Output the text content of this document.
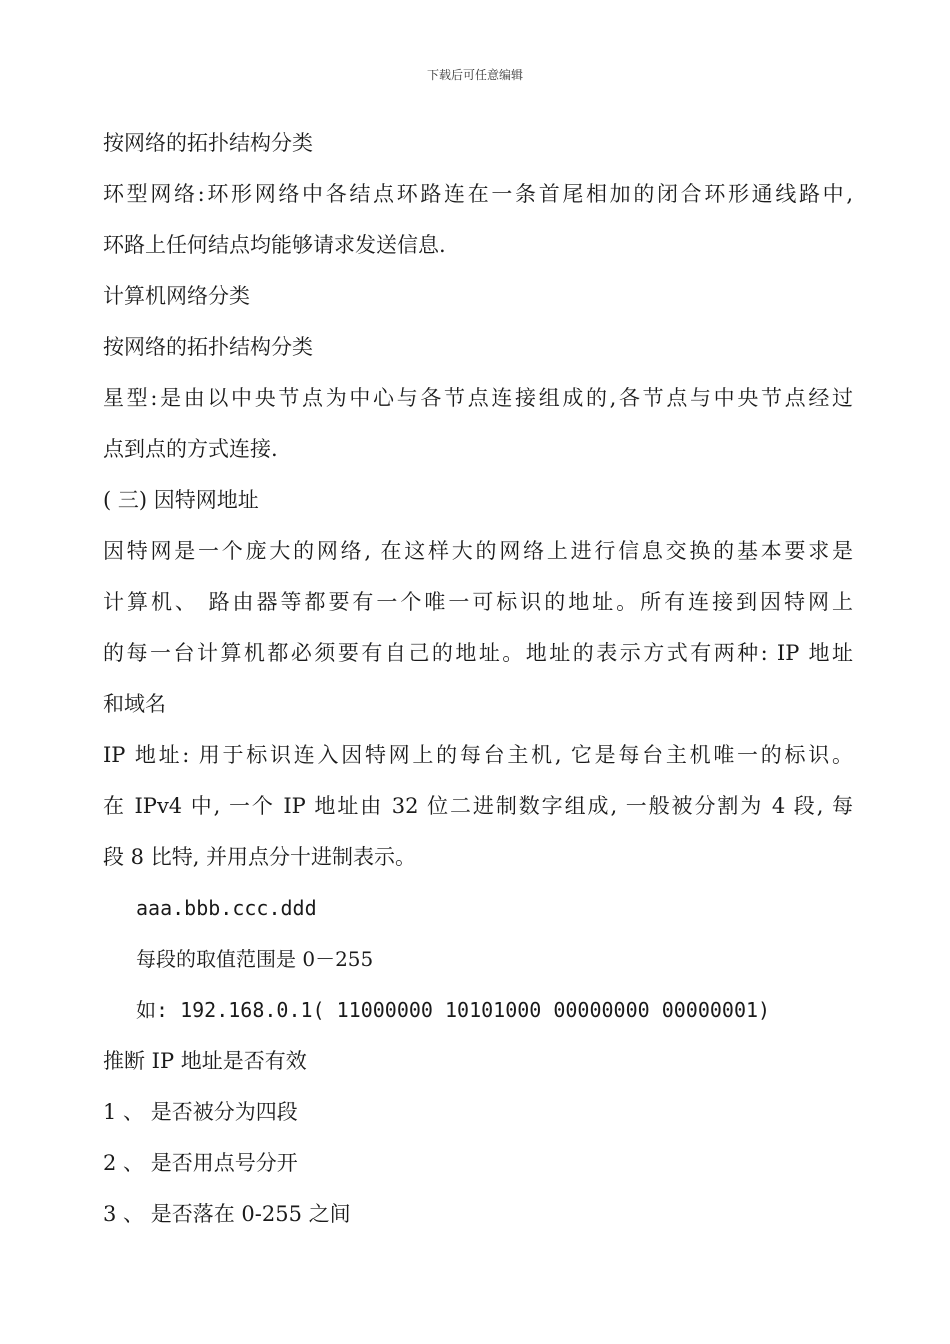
下载后可任意编辑
按网络的拓扑结构分类
环型网络:环形网络中各结点环路连在一条首尾相加的闭合环形通线路中,
环路上任何结点均能够请求发送信息.
计算机网络分类
按网络的拓扑结构分类
星型:是由以中央节点为中心与各节点连接组成的,各节点与中央节点经过
点到点的方式连接.
( 三) 因特网地址
因特网是一个庞大的网络, 在这样大的网络上进行信息交换的基本要求是
计算机、 路由器等都要有一个唯一可标识的地址。所有连接到因特网上
的每一台计算机都必须要有自己的地址。地址的表示方式有两种: IP 地址
和域名
IP 地址: 用于标识连入因特网上的每台主机, 它是每台主机唯一的标识。
在 IPv4 中, 一个 IP 地址由 32 位二进制数字组成, 一般被分割为 4 段, 每
段 8 比特, 并用点分十进制表示。
aaa.bbb.ccc.ddd
每段的取值范围是 0－255
如: 192.168.0.1( 11000000 10101000 00000000 00000001)
推断 IP 地址是否有效
1 、 是否被分为四段
2 、 是否用点号分开
3 、 是否落在 0-255 之间
